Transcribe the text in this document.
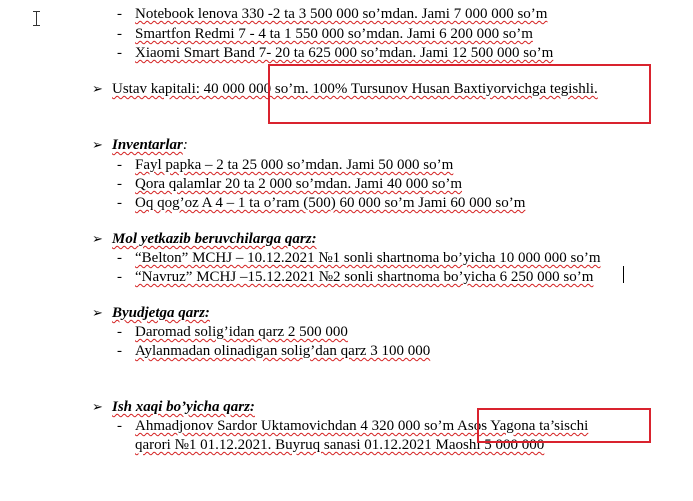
- Notebook lenova 330 -2 ta 3 500 000 so’mdan. Jami 7 000 000 so’m
- Smartfon Redmi 7 - 4 ta 1 550 000 so’mdan. Jami 6 200 000 so’m
- Xiaomi Smart Band 7- 20 ta 625 000 so’mdan. Jami 12 500 000 so’m
➢ Ustav kapitali: 40 000 000 so’m. 100% Tursunov Husan Baxtiyorvichga tegishli.
➢ Inventarlar:
- Fayl papka – 2 ta 25 000 so’mdan. Jami 50 000 so’m
- Qora qalamlar 20 ta 2 000 so’mdan. Jami 40 000 so’m
- Oq qog’oz A 4 – 1 ta o’ram (500) 60 000 so’m Jami 60 000 so’m
➢ Mol yetkazib beruvchilarga qarz:
- “Belton” MCHJ – 10.12.2021 №1 sonli shartnoma bo’yicha 10 000 000 so’m
- “Navruz” MCHJ –15.12.2021 №2 sonli shartnoma bo’yicha 6 250 000 so’m
➢ Byudjetga qarz:
- Daromad solig’idan qarz 2 500 000
- Aylanmadan olinadigan solig’dan qarz 3 100 000
➢ Ish xaqi bo’yicha qarz:
- Ahmadjonov Sardor Uktamovichdan 4 320 000 so’m Asos Yagona ta’sischi
qarori №1 01.12.2021. Buyruq sanasi 01.12.2021 Maoshi 5 000 000
